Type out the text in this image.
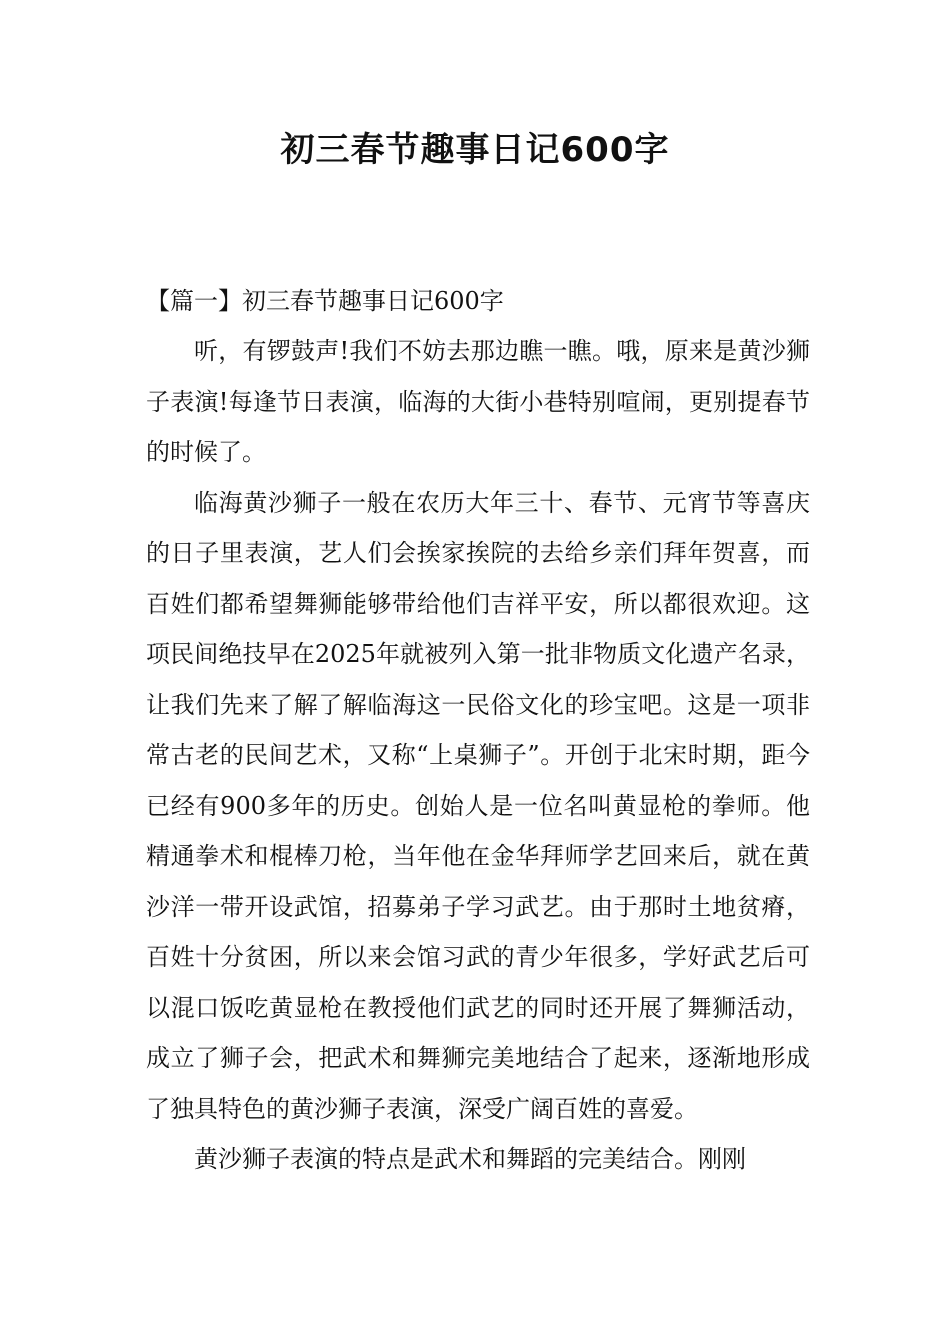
初三春节趣事日记600字

【篇一】初三春节趣事日记600字

听，有锣鼓声!我们不妨去那边瞧一瞧。哦，原来是黄沙狮子表演!每逢节日表演，临海的大街小巷特别喧闹，更别提春节的时候了。

临海黄沙狮子一般在农历大年三十、春节、元宵节等喜庆的日子里表演，艺人们会挨家挨院的去给乡亲们拜年贺喜，而百姓们都希望舞狮能够带给他们吉祥平安，所以都很欢迎。这项民间绝技早在2025年就被列入第一批非物质文化遗产名录，让我们先来了解了解临海这一民俗文化的珍宝吧。这是一项非常古老的民间艺术，又称“上桌狮子”。开创于北宋时期，距今已经有900多年的历史。创始人是一位名叫黄显枪的拳师。他精通拳术和棍棒刀枪，当年他在金华拜师学艺回来后，就在黄沙洋一带开设武馆，招募弟子学习武艺。由于那时土地贫瘠，百姓十分贫困，所以来会馆习武的青少年很多，学好武艺后可以混口饭吃黄显枪在教授他们武艺的同时还开展了舞狮活动，成立了狮子会，把武术和舞狮完美地结合了起来，逐渐地形成了独具特色的黄沙狮子表演，深受广阔百姓的喜爱。

黄沙狮子表演的特点是武术和舞蹈的完美结合。刚刚
